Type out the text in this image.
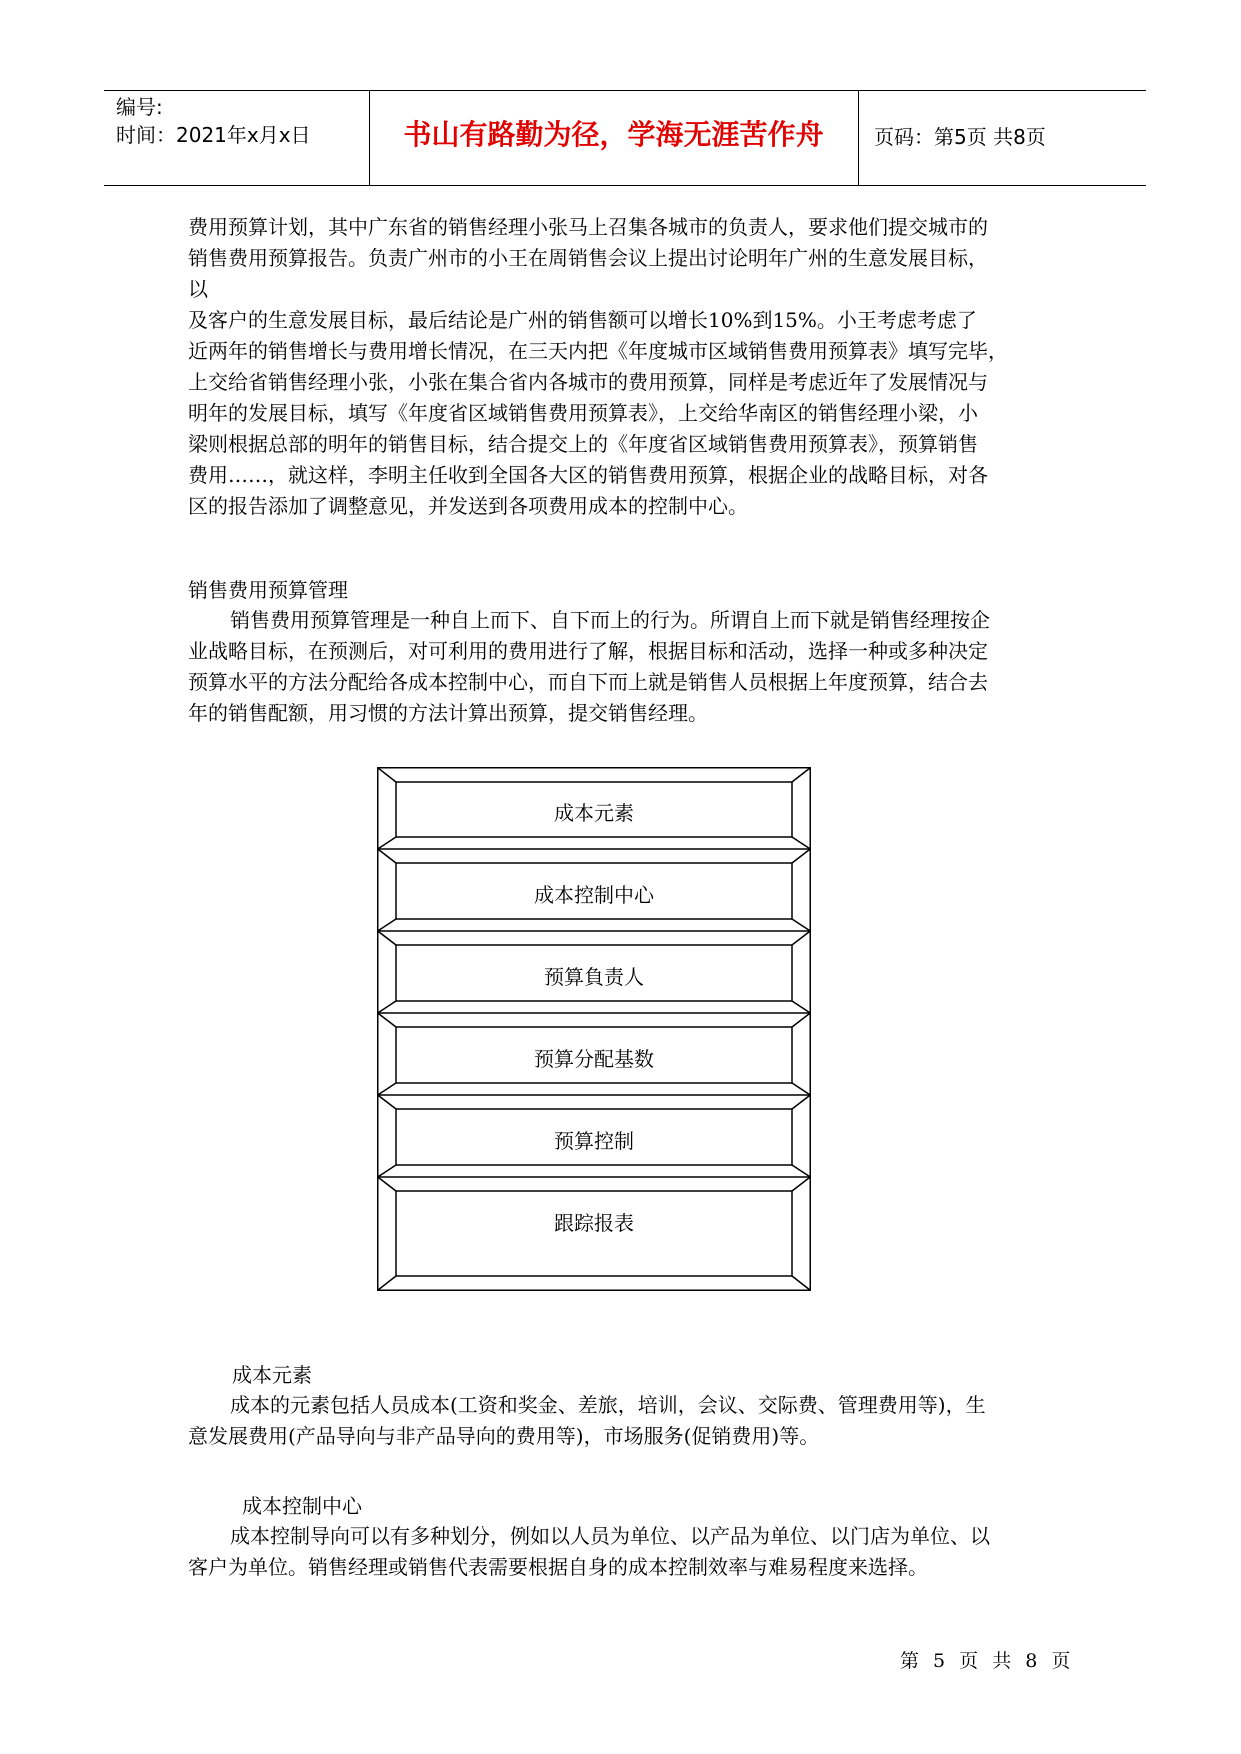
编号:
时间：2021年x月x日	书山有路勤为径，学海无涯苦作舟	页码：第5页 共8页

费用预算计划，其中广东省的销售经理小张马上召集各城市的负责人，要求他们提交城市的

销售费用预算报告。负责广州市的小王在周销售会议上提出讨论明年广州的生意发展目标，

以

及客户的生意发展目标，最后结论是广州的销售额可以增长10%到15%。小王考虑考虑了

近两年的销售增长与费用增长情况，在三天内把《年度城市区域销售费用预算表》填写完毕，

上交给省销售经理小张，小张在集合省内各城市的费用预算，同样是考虑近年了发展情况与

明年的发展目标，填写《年度省区域销售费用预算表》，上交给华南区的销售经理小梁，小

梁则根据总部的明年的销售目标，结合提交上的《年度省区域销售费用预算表》，预算销售

费用……，就这样，李明主任收到全国各大区的销售费用预算，根据企业的战略目标，对各

区的报告添加了调整意见，并发送到各项费用成本的控制中心。

销售费用预算管理

销售费用预算管理是一种自上而下、自下而上的行为。所谓自上而下就是销售经理按企

业战略目标，在预测后，对可利用的费用进行了解，根据目标和活动，选择一种或多种决定

预算水平的方法分配给各成本控制中心，而自下而上就是销售人员根据上年度预算，结合去

年的销售配额，用习惯的方法计算出预算，提交销售经理。

成本元素
成本控制中心
预算負责人
预算分配基数
预算控制
跟踪报表
成本元素

成本的元素包括人员成本(工资和奖金、差旅，培训，会议、交际费、管理费用等)，生

意发展费用(产品导向与非产品导向的费用等)，市场服务(促销费用)等。

成本控制中心

成本控制导向可以有多种划分，例如以人员为单位、以产品为单位、以门店为单位、以

客户为单位。销售经理或销售代表需要根据自身的成本控制效率与难易程度来选择。

第 5 页 共 8 页
